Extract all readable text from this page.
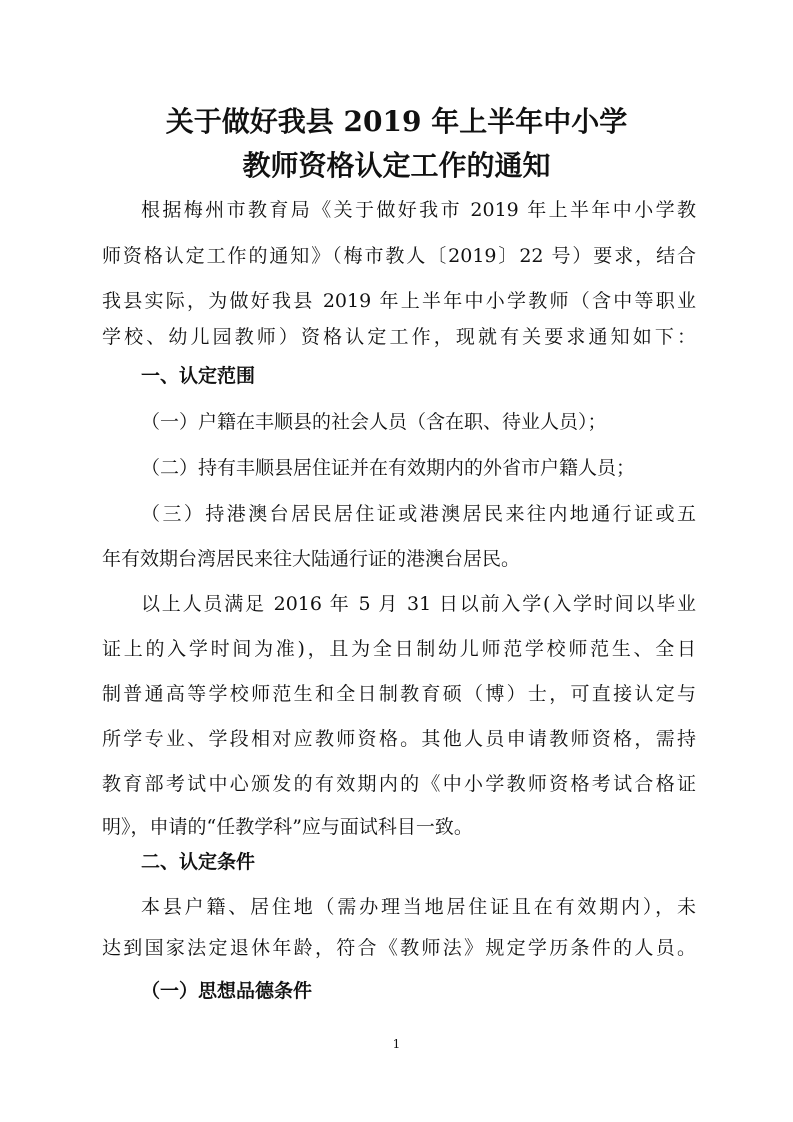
关于做好我县 2019 年上半年中小学
教师资格认定工作的通知

根据梅州市教育局《关于做好我市 2019 年上半年中小学教

师资格认定工作的通知》（梅市教人〔2019〕22 号）要求，结合

我县实际，为做好我县 2019 年上半年中小学教师（含中等职业

学校、幼儿园教师）资格认定工作，现就有关要求通知如下：

一、认定范围

（一）户籍在丰顺县的社会人员（含在职、待业人员）；

（二）持有丰顺县居住证并在有效期内的外省市户籍人员；

（三）持港澳台居民居住证或港澳居民来往内地通行证或五

年有效期台湾居民来往大陆通行证的港澳台居民。

以上人员满足 2016 年 5 月 31 日以前入学(入学时间以毕业

证上的入学时间为准)，且为全日制幼儿师范学校师范生、全日

制普通高等学校师范生和全日制教育硕（博）士，可直接认定与

所学专业、学段相对应教师资格。其他人员申请教师资格，需持

教育部考试中心颁发的有效期内的《中小学教师资格考试合格证

明》，申请的“任教学科”应与面试科目一致。

二、认定条件

本县户籍、居住地（需办理当地居住证且在有效期内），未

达到国家法定退休年龄，符合《教师法》规定学历条件的人员。

（一）思想品德条件

1
